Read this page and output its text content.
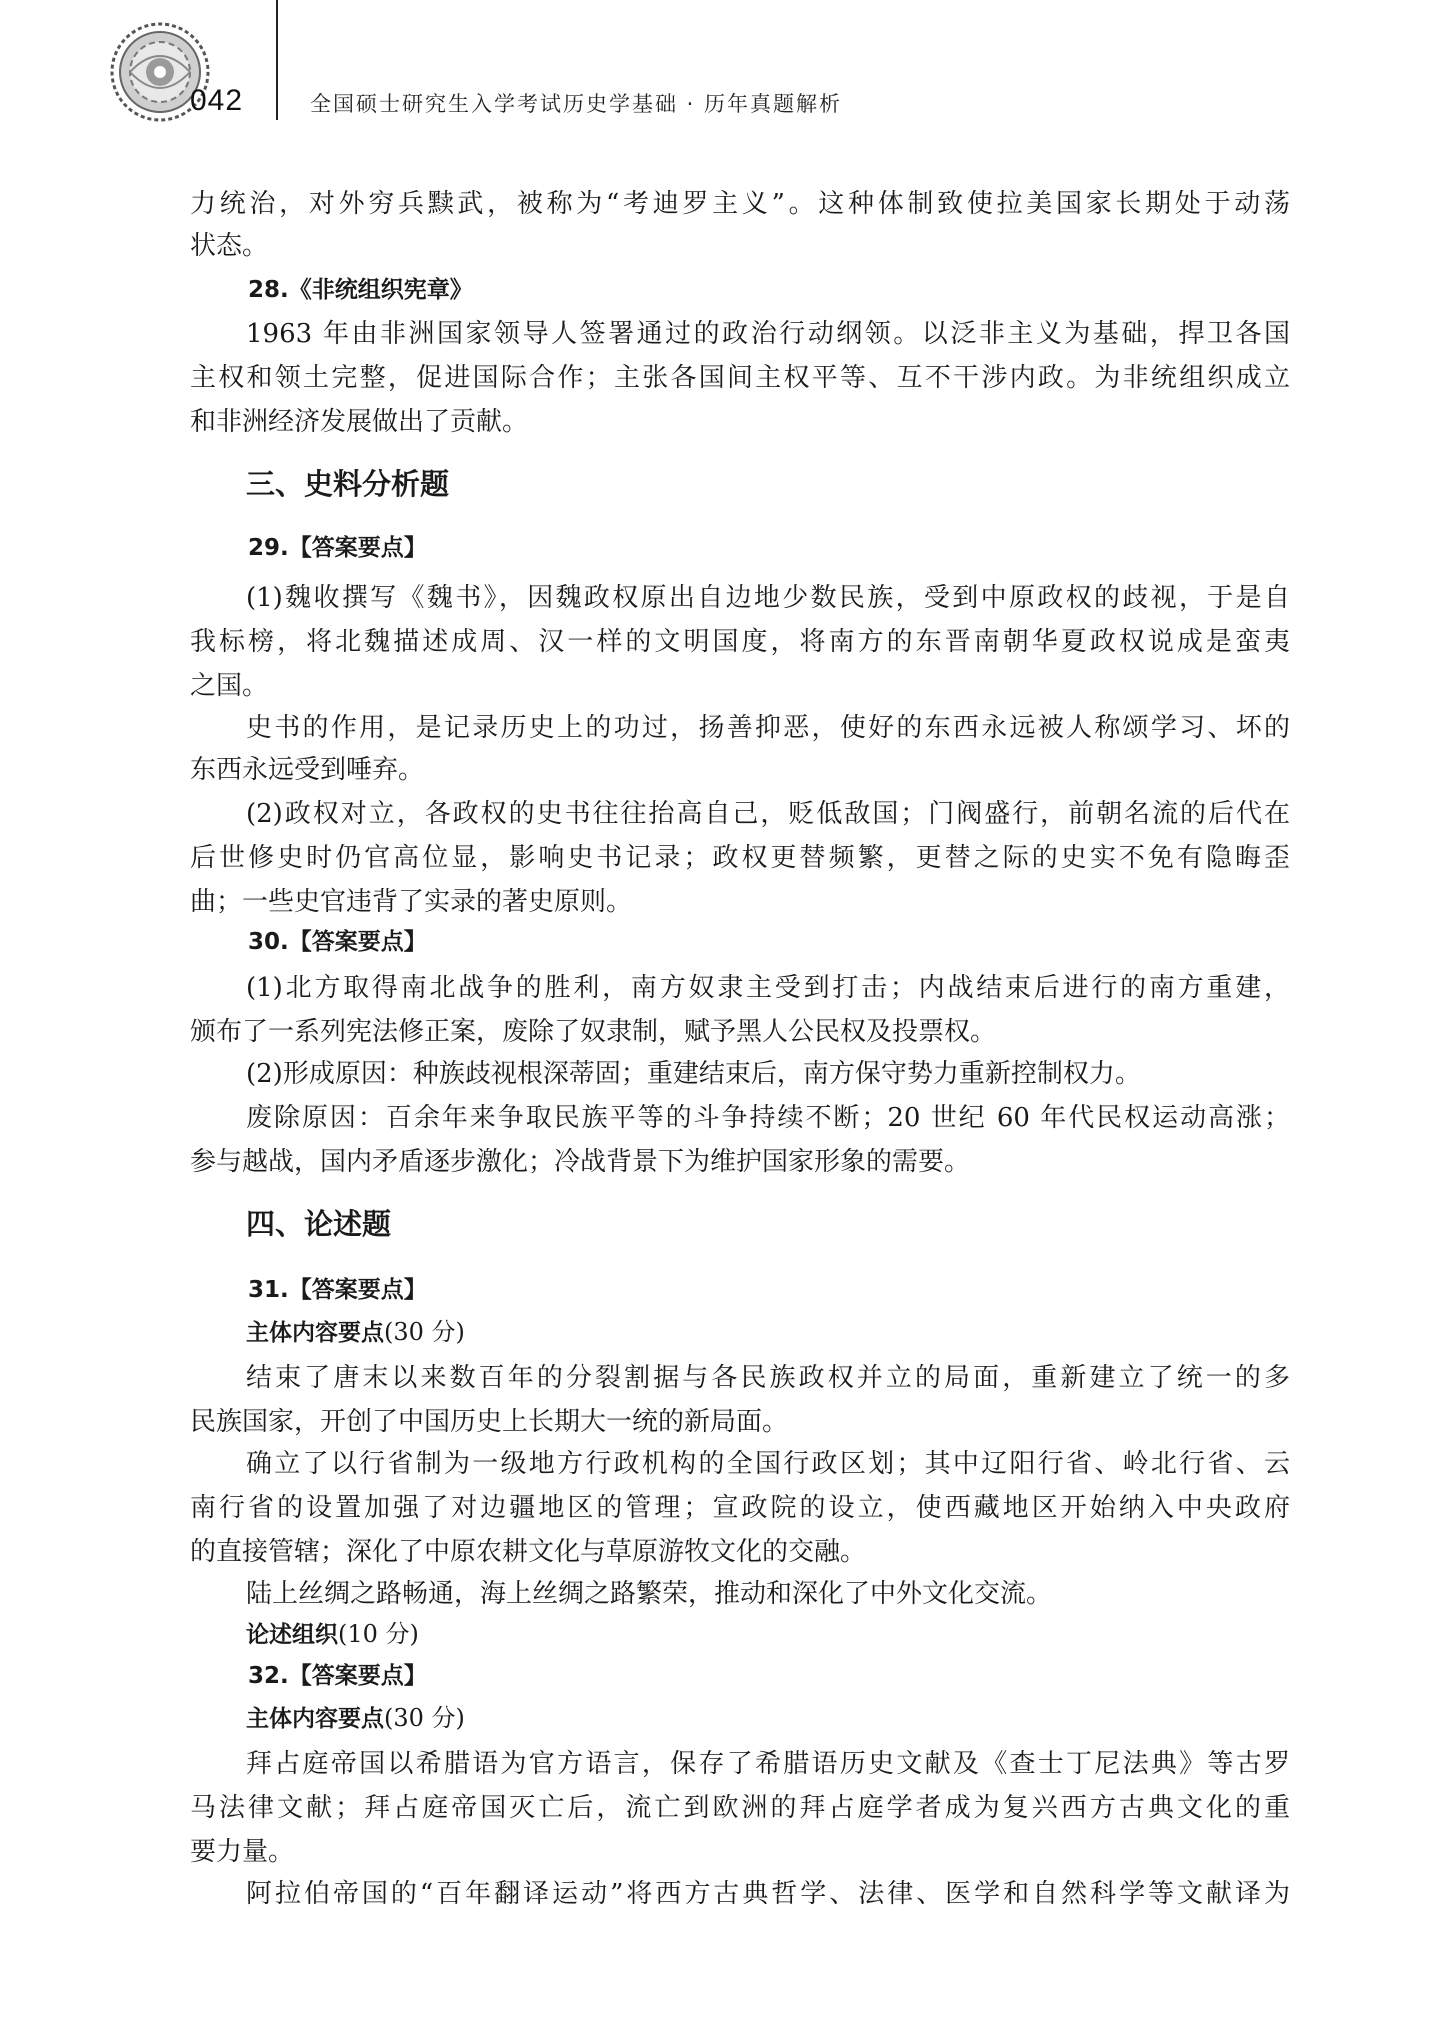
042	全国硕士研究生入学考试历史学基础 · 历年真题解析
力统治，对外穷兵黩武，被称为“考迪罗主义”。这种体制致使拉美国家长期处于动荡
状态。
28.《非统组织宪章》
1963 年由非洲国家领导人签署通过的政治行动纲领。以泛非主义为基础，捍卫各国
主权和领土完整，促进国际合作；主张各国间主权平等、互不干涉内政。为非统组织成立
和非洲经济发展做出了贡献。
三、史料分析题
29.【答案要点】
(1)魏收撰写《魏书》，因魏政权原出自边地少数民族，受到中原政权的歧视，于是自
我标榜，将北魏描述成周、汉一样的文明国度，将南方的东晋南朝华夏政权说成是蛮夷
之国。
史书的作用，是记录历史上的功过，扬善抑恶，使好的东西永远被人称颂学习、坏的
东西永远受到唾弃。
(2)政权对立，各政权的史书往往抬高自己，贬低敌国；门阀盛行，前朝名流的后代在
后世修史时仍官高位显，影响史书记录；政权更替频繁，更替之际的史实不免有隐晦歪
曲；一些史官违背了实录的著史原则。
30.【答案要点】
(1)北方取得南北战争的胜利，南方奴隶主受到打击；内战结束后进行的南方重建，
颁布了一系列宪法修正案，废除了奴隶制，赋予黑人公民权及投票权。
(2)形成原因：种族歧视根深蒂固；重建结束后，南方保守势力重新控制权力。
废除原因：百余年来争取民族平等的斗争持续不断；20 世纪 60 年代民权运动高涨；
参与越战，国内矛盾逐步激化；冷战背景下为维护国家形象的需要。
四、论述题
31.【答案要点】
主体内容要点(30 分)
结束了唐末以来数百年的分裂割据与各民族政权并立的局面，重新建立了统一的多
民族国家，开创了中国历史上长期大一统的新局面。
确立了以行省制为一级地方行政机构的全国行政区划；其中辽阳行省、岭北行省、云
南行省的设置加强了对边疆地区的管理；宣政院的设立，使西藏地区开始纳入中央政府
的直接管辖；深化了中原农耕文化与草原游牧文化的交融。
陆上丝绸之路畅通，海上丝绸之路繁荣，推动和深化了中外文化交流。
论述组织(10 分)
32.【答案要点】
主体内容要点(30 分)
拜占庭帝国以希腊语为官方语言，保存了希腊语历史文献及《查士丁尼法典》等古罗
马法律文献；拜占庭帝国灭亡后，流亡到欧洲的拜占庭学者成为复兴西方古典文化的重
要力量。
阿拉伯帝国的“百年翻译运动”将西方古典哲学、法律、医学和自然科学等文献译为
